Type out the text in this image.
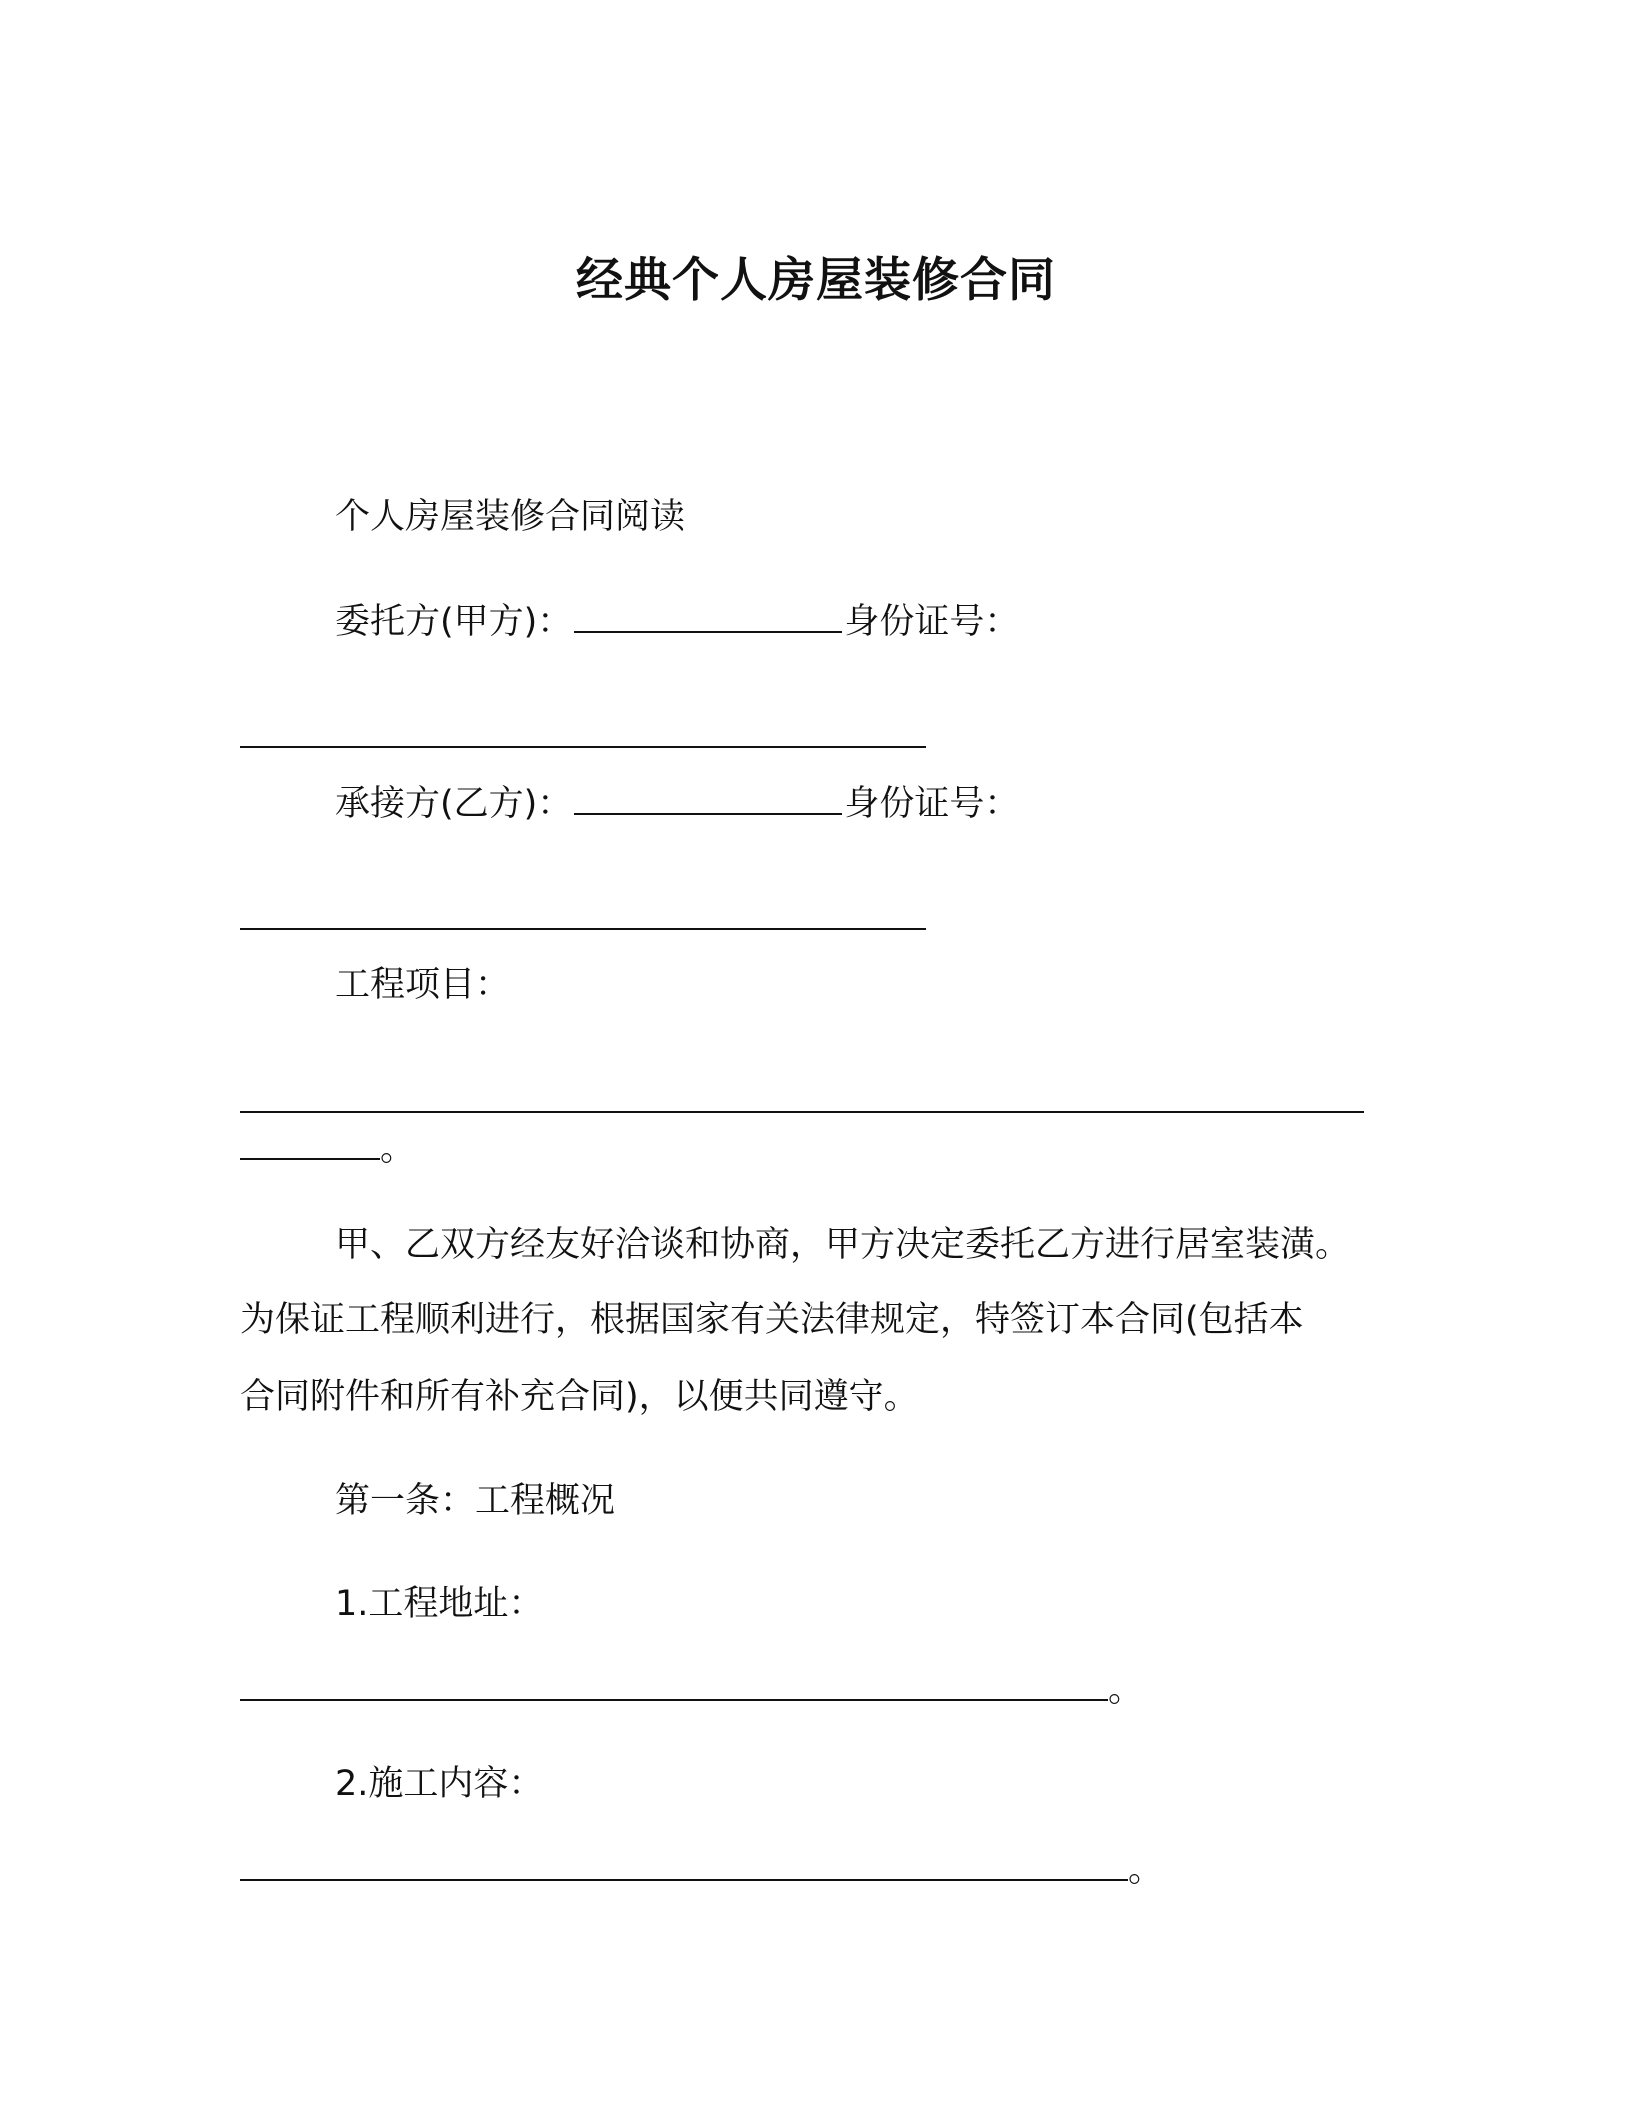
经典个人房屋装修合同

个人房屋装修合同阅读

委托方(甲方)：	身份证号：

承接方(乙方)：	身份证号：

工程项目：

。

甲、乙双方经友好洽谈和协商，甲方决定委托乙方进行居室装潢。

为保证工程顺利进行，根据国家有关法律规定，特签订本合同(包括本

合同附件和所有补充合同)，以便共同遵守。

第一条：工程概况

1.工程地址：

。

2.施工内容：

。
